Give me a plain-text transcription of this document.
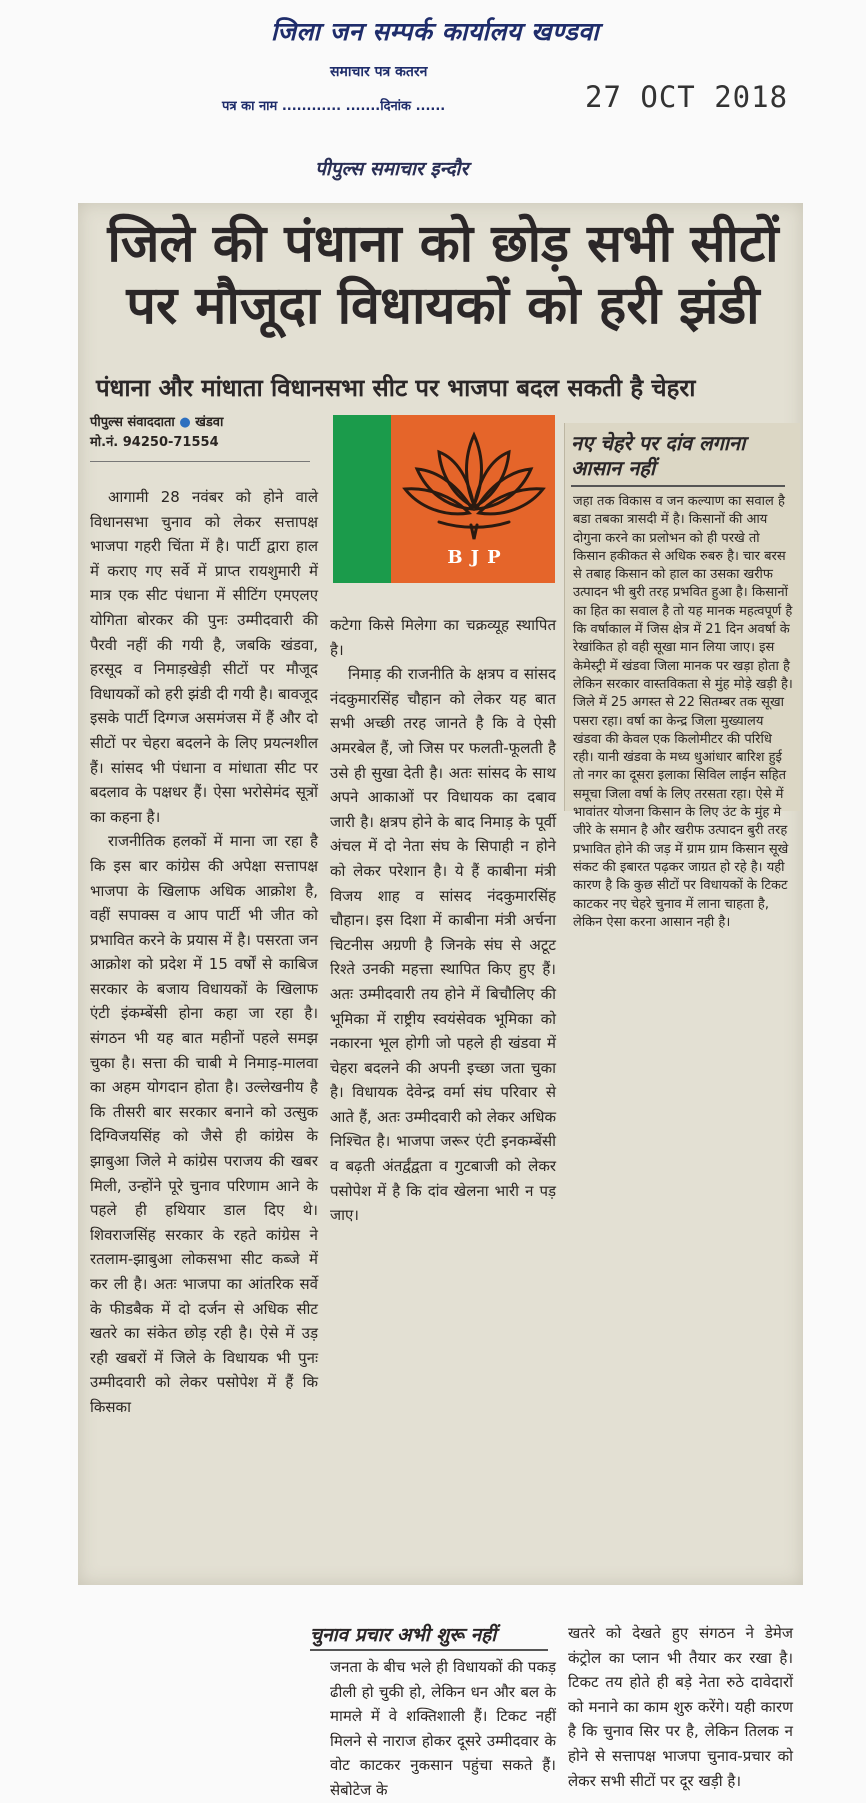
जिला जन सम्पर्क कार्यालय खण्डवा
समाचार पत्र कतरन
पत्र का नाम ............ .......दिनांक ......	27 OCT 2018
पीपुल्स समाचार इन्दौर
जिले की पंधाना को छोड़ सभी सीटों पर मौजूदा विधायकों को हरी झंडी
पंधाना और मांधाता विधानसभा सीट पर भाजपा बदल सकती है चेहरा
पीपुल्स संवाददाता ● खंडवा
मो.नं. 94250-71554

आगामी 28 नवंबर को होने वाले विधानसभा चुनाव को लेकर सत्तापक्ष भाजपा गहरी चिंता में है। पार्टी द्वारा हाल में कराए गए सर्वे में प्राप्त रायशुमारी में मात्र एक सीट पंधाना में सीटिंग एमएलए योगिता बोरकर की पुनः उम्मीदवारी की पैरवी नहीं की गयी है, जबकि खंडवा, हरसूद व निमाड़खेड़ी सीटों पर मौजूद विधायकों को हरी झंडी दी गयी है। बावजूद इसके पार्टी दिग्गज असमंजस में हैं और दो सीटों पर चेहरा बदलने के लिए प्रयत्नशील हैं। सांसद भी पंधाना व मांधाता सीट पर बदलाव के पक्षधर हैं। ऐसा भरोसेमंद सूत्रों का कहना है।

राजनीतिक हलकों में माना जा रहा है कि इस बार कांग्रेस की अपेक्षा सत्तापक्ष भाजपा के खिलाफ अधिक आक्रोश है, वहीं सपाक्स व आप पार्टी भी जीत को प्रभावित करने के प्रयास में है। पसरता जन आक्रोश को प्रदेश में 15 वर्षों से काबिज सरकार के बजाय विधायकों के खिलाफ एंटी इंकम्बेंसी होना कहा जा रहा है। संगठन भी यह बात महीनों पहले समझ चुका है। सत्ता की चाबी मे निमाड़-मालवा का अहम योगदान होता है। उल्लेखनीय है कि तीसरी बार सरकार बनाने को उत्सुक दिग्विजयसिंह को जैसे ही कांग्रेस के झाबुआ जिले मे कांग्रेस पराजय की खबर मिली, उन्होंने पूरे चुनाव परिणाम आने के पहले ही हथियार डाल दिए थे। शिवराजसिंह सरकार के रहते कांग्रेस ने रतलाम-झाबुआ लोकसभा सीट कब्जे में कर ली है। अतः भाजपा का आंतरिक सर्वे के फीडबैक में दो दर्जन से अधिक सीट खतरे का संकेत छोड़ रही है। ऐसे में उड़ रही खबरों में जिले के विधायक भी पुनः उम्मीदवारी को लेकर पसोपेश में हैं कि किसका

BJP

कटेगा किसे मिलेगा का चक्रव्यूह स्थापित है।

निमाड़ की राजनीति के क्षत्रप व सांसद नंदकुमारसिंह चौहान को लेकर यह बात सभी अच्छी तरह जानते है कि वे ऐसी अमरबेल हैं, जो जिस पर फलती-फूलती है उसे ही सुखा देती है। अतः सांसद के साथ अपने आकाओं पर विधायक का दबाव जारी है। क्षत्रप होने के बाद निमाड़ के पूर्वी अंचल में दो नेता संघ के सिपाही न होने को लेकर परेशान है। ये हैं काबीना मंत्री विजय शाह व सांसद नंदकुमारसिंह चौहान। इस दिशा में काबीना मंत्री अर्चना चिटनीस अग्रणी है जिनके संघ से अटूट रिश्ते उनकी महत्ता स्थापित किए हुए हैं। अतः उम्मीदवारी तय होने में बिचौलिए की भूमिका में राष्ट्रीय स्वयंसेवक भूमिका को नकारना भूल होगी जो पहले ही खंडवा में चेहरा बदलने की अपनी इच्छा जता चुका है। विधायक देवेन्द्र वर्मा संघ परिवार से आते हैं, अतः उम्मीदवारी को लेकर अधिक निश्चित है। भाजपा जरूर एंटी इनकम्बेंसी व बढ़ती अंतर्द्वंद्वता व गुटबाजी को लेकर पसोपेश में है कि दांव खेलना भारी न पड़ जाए।

चुनाव प्रचार अभी शुरू नहीं

जनता के बीच भले ही विधायकों की पकड़ ढीली हो चुकी हो, लेकिन धन और बल के मामले में वे शक्तिशाली हैं। टिकट नहीं मिलने से नाराज होकर दूसरे उम्मीदवार के वोट काटकर नुकसान पहुंचा सकते हैं। सेबोटेज के

नए चेहरे पर दांव लगाना आसान नहीं
जहा तक विकास व जन कल्याण का सवाल है बडा तबका त्रासदी में है। किसानों की आय दोगुना करने का प्रलोभन को ही परखे तो किसान हकीकत से अधिक रुबरु है। चार बरस से तबाह किसान को हाल का उसका खरीफ उत्पादन भी बुरी तरह प्रभवित हुआ है। किसानों का हित का सवाल है तो यह मानक महत्वपूर्ण है कि वर्षाकाल में जिस क्षेत्र में 21 दिन अवर्षा के रेखांकित हो वही सूखा मान लिया जाए। इस केमेस्ट्री में खंडवा जिला मानक पर खड़ा होता है लेकिन सरकार वास्तविकता से मुंह मोड़े खड़ी है। जिले में 25 अगस्त से 22 सितम्बर तक सूखा पसरा रहा। वर्षा का केन्द्र जिला मुख्यालय खंडवा की केवल एक किलोमीटर की परिधि रही। यानी खंडवा के मध्य धुआंधार बारिश हुई तो नगर का दूसरा इलाका सिविल लाईन सहित समूचा जिला वर्षा के लिए तरसता रहा। ऐसे में भावांतर योजना किसान के लिए उंट के मुंह मे जीरे के समान है और खरीफ उत्पादन बुरी तरह प्रभावित होने की जड़ में ग्राम ग्राम किसान सूखे संकट की इबारत पढ़कर जाग्रत हो रहे है। यही कारण है कि कुछ सीटों पर विधायकों के टिकट काटकर नए चेहरे चुनाव में लाना चाहता है, लेकिन ऐसा करना आसान नही है।

खतरे को देखते हुए संगठन ने डेमेज कंट्रोल का प्लान भी तैयार कर रखा है। टिकट तय होते ही बड़े नेता रुठे दावेदारों को मनाने का काम शुरु करेंगे। यही कारण है कि चुनाव सिर पर है, लेकिन तिलक न होने से सत्तापक्ष भाजपा चुनाव-प्रचार को लेकर सभी सीटों पर दूर खड़ी है।
